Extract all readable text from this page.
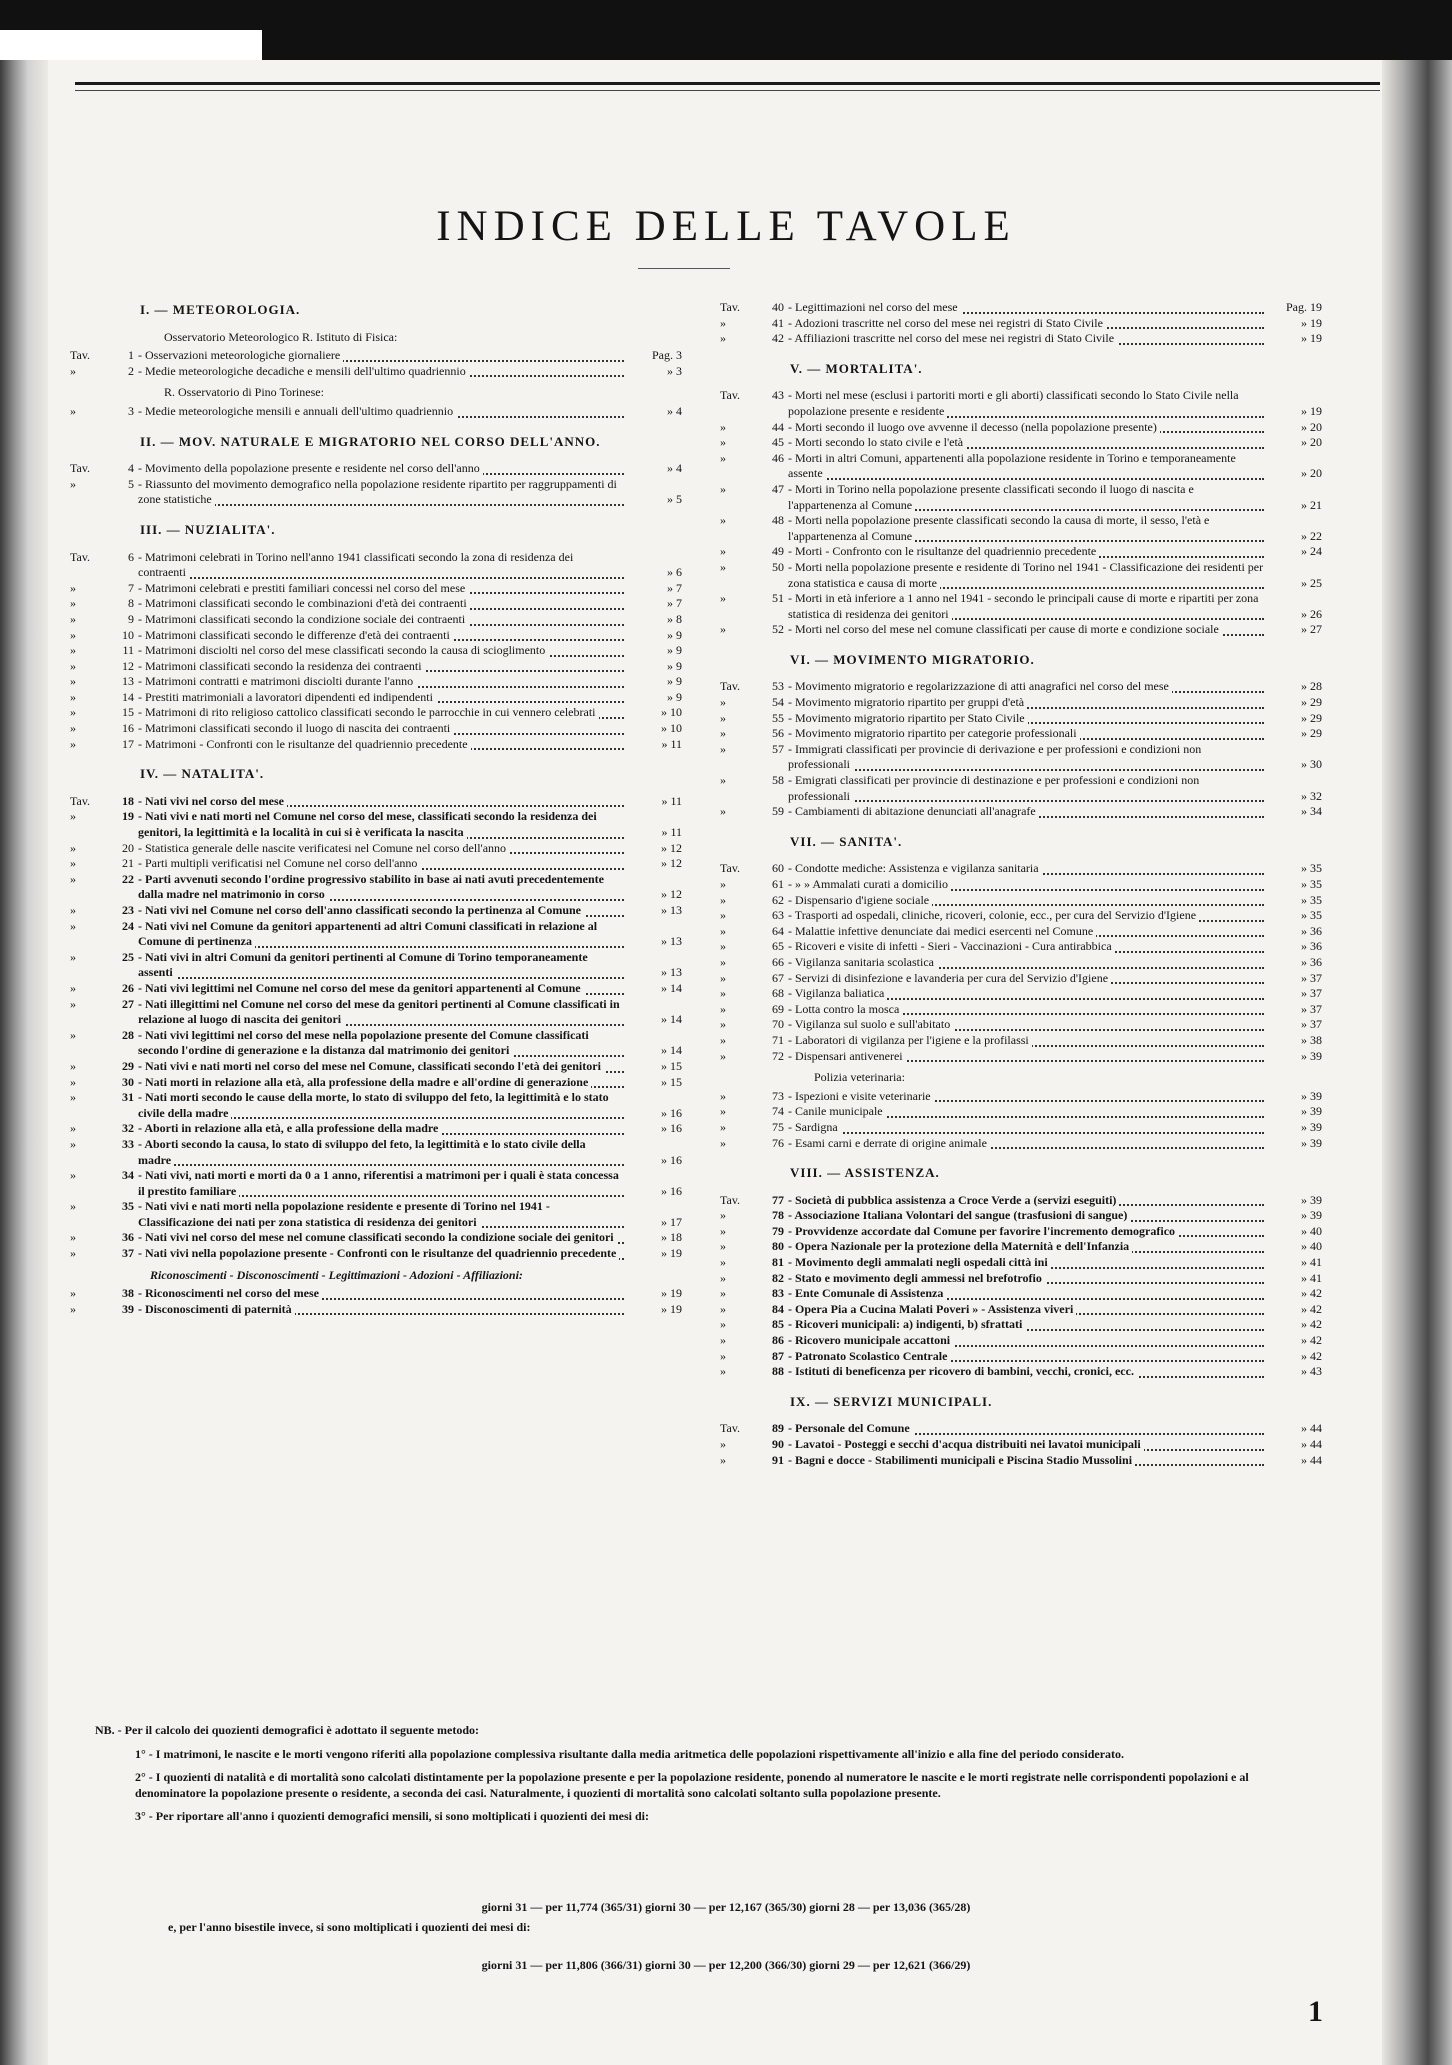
INDICE DELLE TAVOLE
I. — METEOROLOGIA.
Osservatorio Meteorologico R. Istituto di Fisica:
Tav.	1 - Osservazioni meteorologiche giornaliere	Pag. 3
»	2 - Medie meteorologiche decadiche e mensili dell'ultimo quadriennio	» 3
R. Osservatorio di Pino Torinese:
»	3 - Medie meteorologiche mensili e annuali dell'ultimo quadriennio	» 4
II. — MOV. NATURALE E MIGRATORIO NEL CORSO DELL'ANNO.
Tav.	4 - Movimento della popolazione presente e residente nel corso dell'anno	» 4
»	5 - Riassunto del movimento demografico nella popolazione residente ripartito per raggruppamenti di zone statistiche	» 5
III. — NUZIALITA'.
Tav.	6 - Matrimoni celebrati in Torino nell'anno 1941 classificati secondo la zona di residenza dei contraenti	» 6
»	7 - Matrimoni celebrati e prestiti familiari concessi nel corso del mese	» 7
»	8 - Matrimoni classificati secondo le combinazioni d'età dei contraenti	» 7
»	9 - Matrimoni classificati secondo la condizione sociale dei contraenti	» 8
»	10 - Matrimoni classificati secondo le differenze d'età dei contraenti	» 9
»	11 - Matrimoni disciolti nel corso del mese classificati secondo la causa di scioglimento	» 9
»	12 - Matrimoni classificati secondo la residenza dei contraenti	» 9
»	13 - Matrimoni contratti e matrimoni disciolti durante l'anno	» 9
»	14 - Prestiti matrimoniali a lavoratori dipendenti ed indipendenti	» 9
»	15 - Matrimoni di rito religioso cattolico classificati secondo le parrocchie in cui vennero celebrati	» 10
»	16 - Matrimoni classificati secondo il luogo di nascita dei contraenti	» 10
»	17 - Matrimoni - Confronti con le risultanze del quadriennio precedente	» 11
IV. — NATALITA'.
Tav.	18 - Nati vivi nel corso del mese	» 11
»	19 - Nati vivi e nati morti nel Comune nel corso del mese, classificati secondo la residenza dei genitori, la legittimità e la località in cui si è verificata la nascita	» 11
»	20 - Statistica generale delle nascite verificatesi nel Comune nel corso dell'anno	» 12
»	21 - Parti multipli verificatisi nel Comune nel corso dell'anno	» 12
»	22 - Parti avvenuti secondo l'ordine progressivo stabilito in base ai nati avuti precedentemente dalla madre nel matrimonio in corso	» 12
»	23 - Nati vivi nel Comune nel corso dell'anno classificati secondo la pertinenza al Comune	» 13
»	24 - Nati vivi nel Comune da genitori appartenenti ad altri Comuni classificati in relazione al Comune di pertinenza	» 13
»	25 - Nati vivi in altri Comuni da genitori pertinenti al Comune di Torino temporaneamente assenti	» 13
»	26 - Nati vivi legittimi nel Comune nel corso del mese da genitori appartenenti al Comune	» 14
»	27 - Nati illegittimi nel Comune nel corso del mese da genitori pertinenti al Comune classificati in relazione al luogo di nascita dei genitori	» 14
»	28 - Nati vivi legittimi nel corso del mese nella popolazione presente del Comune classificati secondo l'ordine di generazione e la distanza dal matrimonio dei genitori	» 14
»	29 - Nati vivi e nati morti nel corso del mese nel Comune, classificati secondo l'età dei genitori	» 15
»	30 - Nati morti in relazione alla età, alla professione della madre e all'ordine di generazione	» 15
»	31 - Nati morti secondo le cause della morte, lo stato di sviluppo del feto, la legittimità e lo stato civile della madre	» 16
»	32 - Aborti in relazione alla età, e alla professione della madre	» 16
»	33 - Aborti secondo la causa, lo stato di sviluppo del feto, la legittimità e lo stato civile della madre	» 16
»	34 - Nati vivi, nati morti e morti da 0 a 1 anno, riferentisi a matrimoni per i quali è stata concessa il prestito familiare	» 16
»	35 - Nati vivi e nati morti nella popolazione residente e presente di Torino nel 1941 - Classificazione dei nati per zona statistica di residenza dei genitori	» 17
»	36 - Nati vivi nel corso del mese nel comune classificati secondo la condizione sociale dei genitori	» 18
»	37 - Nati vivi nella popolazione presente - Confronti con le risultanze del quadriennio precedente	» 19
Riconoscimenti - Disconoscimenti - Legittimazioni - Adozioni - Affiliazioni:
»	38 - Riconoscimenti nel corso del mese	» 19
»	39 - Disconoscimenti di paternità	» 19
Tav.	40 - Legittimazioni nel corso del mese	Pag. 19
»	41 - Adozioni trascritte nel corso del mese nei registri di Stato Civile	» 19
»	42 - Affiliazioni trascritte nel corso del mese nei registri di Stato Civile	» 19
V. — MORTALITA'.
Tav.	43 - Morti nel mese (esclusi i partoriti morti e gli aborti) classificati secondo lo Stato Civile nella popolazione presente e residente	» 19
»	44 - Morti secondo il luogo ove avvenne il decesso (nella popolazione presente)	» 20
»	45 - Morti secondo lo stato civile e l'età	» 20
»	46 - Morti in altri Comuni, appartenenti alla popolazione residente in Torino e temporaneamente assente	» 20
»	47 - Morti in Torino nella popolazione presente classificati secondo il luogo di nascita e l'appartenenza al Comune	» 21
»	48 - Morti nella popolazione presente classificati secondo la causa di morte, il sesso, l'età e l'appartenenza al Comune	» 22
»	49 - Morti - Confronto con le risultanze del quadriennio precedente	» 24
»	50 - Morti nella popolazione presente e residente di Torino nel 1941 - Classificazione dei residenti per zona statistica e causa di morte	» 25
»	51 - Morti in età inferiore a 1 anno nel 1941 - secondo le principali cause di morte e ripartiti per zona statistica di residenza dei genitori	» 26
»	52 - Morti nel corso del mese nel comune classificati per cause di morte e condizione sociale	» 27
VI. — MOVIMENTO MIGRATORIO.
Tav.	53 - Movimento migratorio e regolarizzazione di atti anagrafici nel corso del mese	» 28
»	54 - Movimento migratorio ripartito per gruppi d'età	» 29
»	55 - Movimento migratorio ripartito per Stato Civile	» 29
»	56 - Movimento migratorio ripartito per categorie professionali	» 29
»	57 - Immigrati classificati per provincie di derivazione e per professioni e condizioni non professionali	» 30
»	58 - Emigrati classificati per provincie di destinazione e per professioni e condizioni non professionali	» 32
»	59 - Cambiamenti di abitazione denunciati all'anagrafe	» 34
VII. — SANITA'.
Tav.	60 - Condotte mediche: Assistenza e vigilanza sanitaria	» 35
»	61 - » » Ammalati curati a domicilio	» 35
»	62 - Dispensario d'igiene sociale	» 35
»	63 - Trasporti ad ospedali, cliniche, ricoveri, colonie, ecc., per cura del Servizio d'Igiene	» 35
»	64 - Malattie infettive denunciate dai medici esercenti nel Comune	» 36
»	65 - Ricoveri e visite di infetti - Sieri - Vaccinazioni - Cura antirabbica	» 36
»	66 - Vigilanza sanitaria scolastica	» 36
»	67 - Servizi di disinfezione e lavanderia per cura del Servizio d'Igiene	» 37
»	68 - Vigilanza baliatica	» 37
»	69 - Lotta contro la mosca	» 37
»	70 - Vigilanza sul suolo e sull'abitato	» 37
»	71 - Laboratori di vigilanza per l'igiene e la profilassi	» 38
»	72 - Dispensari antivenerei	» 39
Polizia veterinaria:
»	73 - Ispezioni e visite veterinarie	» 39
»	74 - Canile municipale	» 39
»	75 - Sardigna	» 39
»	76 - Esami carni e derrate di origine animale	» 39
VIII. — ASSISTENZA.
Tav.	77 - Società di pubblica assistenza a Croce Verde a (servizi eseguiti)	» 39
»	78 - Associazione Italiana Volontari del sangue (trasfusioni di sangue)	» 39
»	79 - Provvidenze accordate dal Comune per favorire l'incremento demografico	» 40
»	80 - Opera Nazionale per la protezione della Maternità e dell'Infanzia	» 40
»	81 - Movimento degli ammalati negli ospedali città ini	» 41
»	82 - Stato e movimento degli ammessi nel brefotrofio	» 41
»	83 - Ente Comunale di Assistenza	» 42
»	84 - Opera Pia a Cucina Malati Poveri » - Assistenza viveri	» 42
»	85 - Ricoveri municipali: a) indigenti, b) sfrattati	» 42
»	86 - Ricovero municipale accattoni	» 42
»	87 - Patronato Scolastico Centrale	» 42
»	88 - Istituti di beneficenza per ricovero di bambini, vecchi, cronici, ecc.	» 43
IX. — SERVIZI MUNICIPALI.
Tav.	89 - Personale del Comune	» 44
»	90 - Lavatoi - Posteggi e secchi d'acqua distribuiti nei lavatoi municipali	» 44
»	91 - Bagni e docce - Stabilimenti municipali e Piscina Stadio Mussolini	» 44

NB. - Per il calcolo dei quozienti demografici è adottato il seguente metodo:

1° - I matrimoni, le nascite e le morti vengono riferiti alla popolazione complessiva risultante dalla media aritmetica delle popolazioni rispettivamente all'inizio e alla fine del periodo considerato.

2° - I quozienti di natalità e di mortalità sono calcolati distintamente per la popolazione presente e per la popolazione residente, ponendo al numeratore le nascite e le morti registrate nelle corrispondenti popolazioni e al denominatore la popolazione presente o residente, a seconda dei casi. Naturalmente, i quozienti di mortalità sono calcolati soltanto sulla popolazione presente.

3° - Per riportare all'anno i quozienti demografici mensili, si sono moltiplicati i quozienti dei mesi di:

giorni 31 — per 11,774 (365/31) giorni 30 — per 12,167 (365/30) giorni 28 — per 13,036 (365/28)
e, per l'anno bisestile invece, si sono moltiplicati i quozienti dei mesi di:
giorni 31 — per 11,806 (366/31) giorni 30 — per 12,200 (366/30) giorni 29 — per 12,621 (366/29)
1
